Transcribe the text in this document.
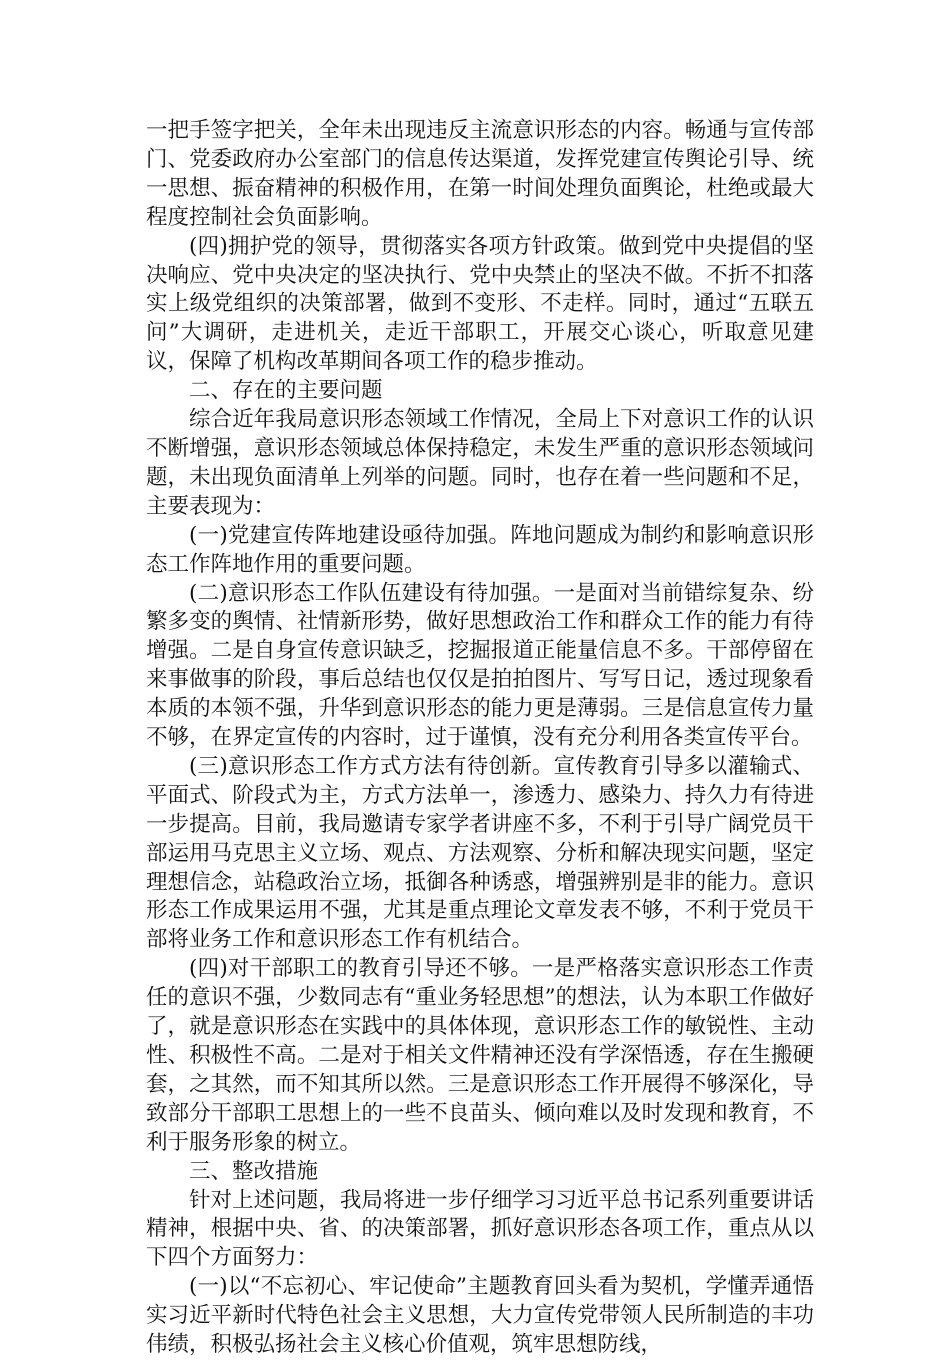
一把手签字把关，全年未出现违反主流意识形态的内容。畅通与宣传部门、党委政府办公室部门的信息传达渠道，发挥党建宣传舆论引导、统一思想、振奋精神的积极作用，在第一时间处理负面舆论，杜绝或最大程度控制社会负面影响。

(四)拥护党的领导，贯彻落实各项方针政策。做到党中央提倡的坚决响应、党中央决定的坚决执行、党中央禁止的坚决不做。不折不扣落实上级党组织的决策部署，做到不变形、不走样。同时，通过“五联五问”大调研，走进机关，走近干部职工，开展交心谈心，听取意见建议，保障了机构改革期间各项工作的稳步推动。

二、存在的主要问题

综合近年我局意识形态领域工作情况，全局上下对意识工作的认识不断增强，意识形态领域总体保持稳定，未发生严重的意识形态领域问题，未出现负面清单上列举的问题。同时，也存在着一些问题和不足，主要表现为：

(一)党建宣传阵地建设亟待加强。阵地问题成为制约和影响意识形态工作阵地作用的重要问题。

(二)意识形态工作队伍建设有待加强。一是面对当前错综复杂、纷繁多变的舆情、社情新形势，做好思想政治工作和群众工作的能力有待增强。二是自身宣传意识缺乏，挖掘报道正能量信息不多。干部停留在来事做事的阶段，事后总结也仅仅是拍拍图片、写写日记，透过现象看本质的本领不强，升华到意识形态的能力更是薄弱。三是信息宣传力量不够，在界定宣传的内容时，过于谨慎，没有充分利用各类宣传平台。

(三)意识形态工作方式方法有待创新。宣传教育引导多以灌输式、平面式、阶段式为主，方式方法单一，渗透力、感染力、持久力有待进一步提高。目前，我局邀请专家学者讲座不多，不利于引导广阔党员干部运用马克思主义立场、观点、方法观察、分析和解决现实问题，坚定理想信念，站稳政治立场，抵御各种诱惑，增强辨别是非的能力。意识形态工作成果运用不强，尤其是重点理论文章发表不够，不利于党员干部将业务工作和意识形态工作有机结合。

(四)对干部职工的教育引导还不够。一是严格落实意识形态工作责任的意识不强，少数同志有“重业务轻思想”的想法，认为本职工作做好了，就是意识形态在实践中的具体体现，意识形态工作的敏锐性、主动性、积极性不高。二是对于相关文件精神还没有学深悟透，存在生搬硬套，之其然，而不知其所以然。三是意识形态工作开展得不够深化，导致部分干部职工思想上的一些不良苗头、倾向难以及时发现和教育，不利于服务形象的树立。

三、整改措施

针对上述问题，我局将进一步仔细学习习近平总书记系列重要讲话精神，根据中央、省、的决策部署，抓好意识形态各项工作，重点从以下四个方面努力：

(一)以“不忘初心、牢记使命”主题教育回头看为契机，学懂弄通悟实习近平新时代特色社会主义思想，大力宣传党带领人民所制造的丰功伟绩，积极弘扬社会主义核心价值观，筑牢思想防线，
